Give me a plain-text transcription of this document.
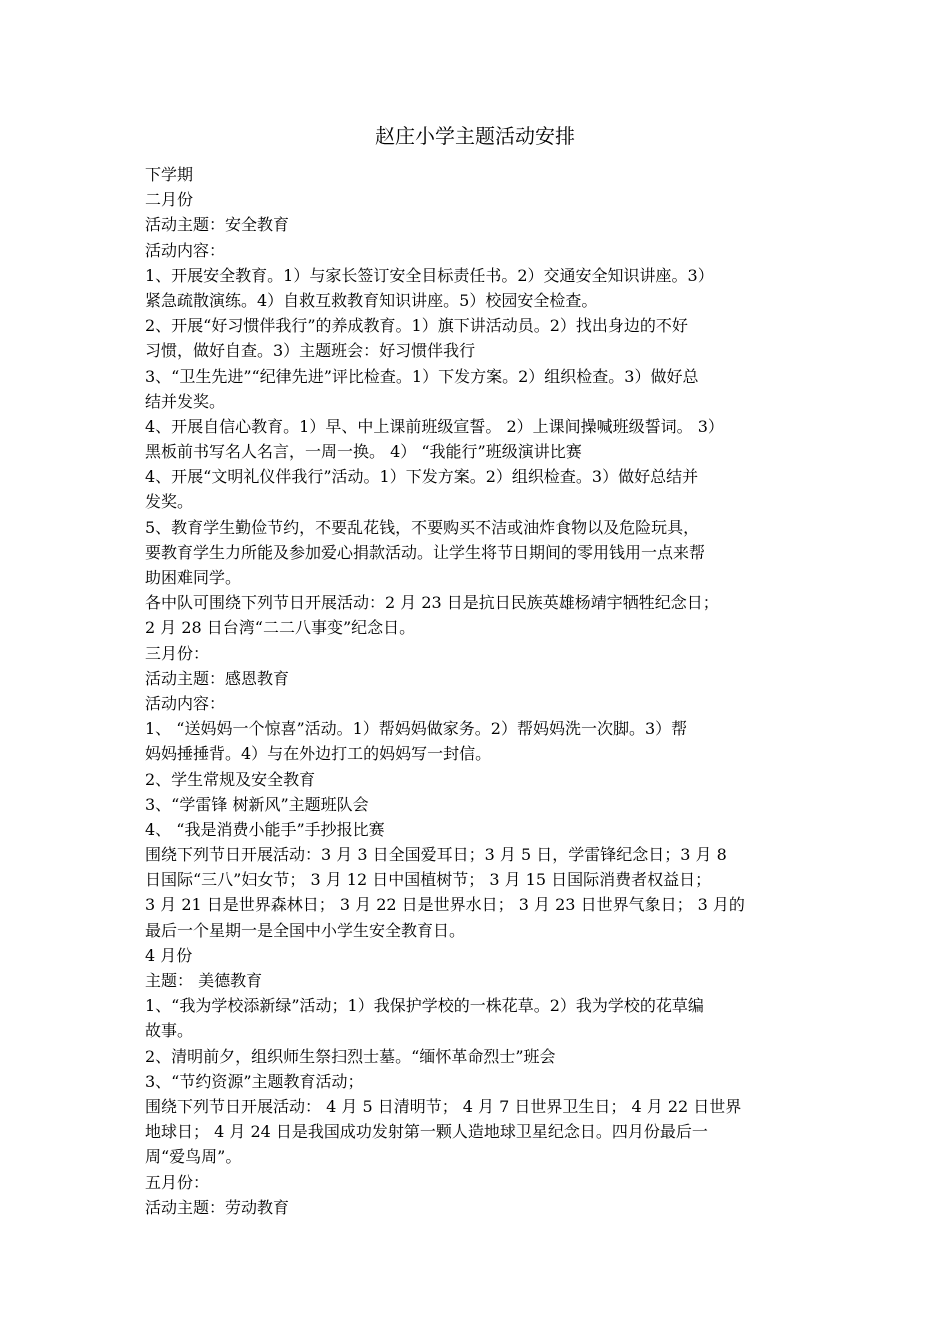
赵庄小学主题活动安排
下学期
二月份
活动主题：安全教育
活动内容：
1、开展安全教育。1）与家长签订安全目标责任书。2）交通安全知识讲座。3）
紧急疏散演练。4）自救互救教育知识讲座。5）校园安全检查。
2、开展“好习惯伴我行”的养成教育。1）旗下讲活动员。2）找出身边的不好
习惯，做好自查。3）主题班会：好习惯伴我行
3、“卫生先进”“纪律先进”评比检查。1）下发方案。2）组织检查。3）做好总
结并发奖。
4、开展自信心教育。1）早、中上课前班级宣誓。 2）上课间操喊班级誓词。 3）
黑板前书写名人名言，一周一换。 4） “我能行”班级演讲比赛
4、开展“文明礼仪伴我行”活动。1）下发方案。2）组织检查。3）做好总结并
发奖。
5、教育学生勤俭节约，不要乱花钱，不要购买不洁或油炸食物以及危险玩具，
要教育学生力所能及参加爱心捐款活动。让学生将节日期间的零用钱用一点来帮
助困难同学。
各中队可围绕下列节日开展活动：2 月 23 日是抗日民族英雄杨靖宇牺牲纪念日；
2 月 28 日台湾“二二八事变”纪念日。
三月份：
活动主题：感恩教育
活动内容：
1、 “送妈妈一个惊喜”活动。1）帮妈妈做家务。2）帮妈妈洗一次脚。3）帮
妈妈捶捶背。4）与在外边打工的妈妈写一封信。
2、学生常规及安全教育
3、“学雷锋 树新风”主题班队会
4、 “我是消费小能手”手抄报比赛
围绕下列节日开展活动：3 月 3 日全国爱耳日；3 月 5 日，学雷锋纪念日；3 月 8
日国际“三八”妇女节； 3 月 12 日中国植树节； 3 月 15 日国际消费者权益日；
3 月 21 日是世界森林日； 3 月 22 日是世界水日； 3 月 23 日世界气象日； 3 月的
最后一个星期一是全国中小学生安全教育日。
4 月份
主题： 美德教育
1、“我为学校添新绿”活动；1）我保护学校的一株花草。2）我为学校的花草编
故事。
2、清明前夕，组织师生祭扫烈士墓。“缅怀革命烈士”班会
3、“节约资源”主题教育活动；
围绕下列节日开展活动： 4 月 5 日清明节； 4 月 7 日世界卫生日； 4 月 22 日世界
地球日； 4 月 24 日是我国成功发射第一颗人造地球卫星纪念日。四月份最后一
周“爱鸟周”。
五月份：
活动主题：劳动教育
